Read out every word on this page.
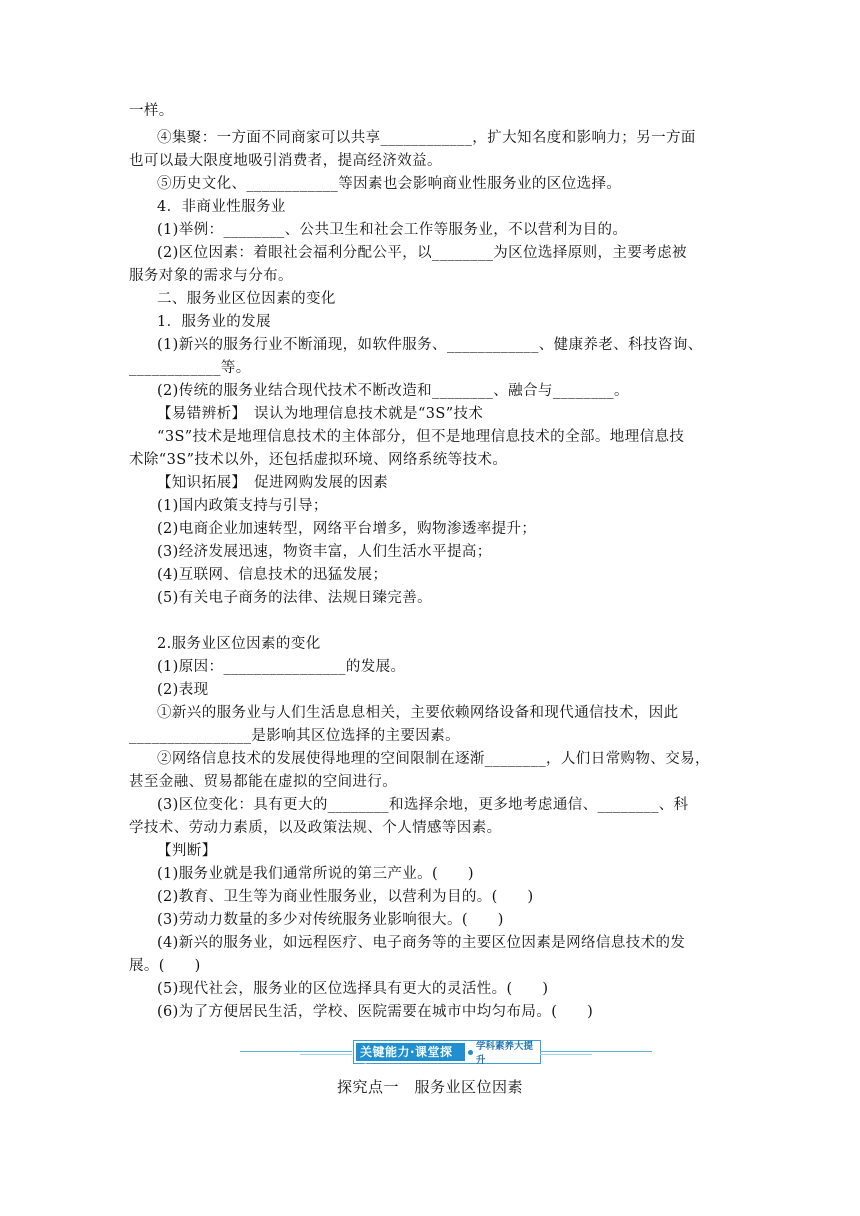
一样。
④集聚：一方面不同商家可以共享____________，扩大知名度和影响力；另一方面
也可以最大限度地吸引消费者，提高经济效益。
⑤历史文化、____________等因素也会影响商业性服务业的区位选择。
4．非商业性服务业
(1)举例：________、公共卫生和社会工作等服务业，不以营利为目的。
(2)区位因素：着眼社会福利分配公平，以________为区位选择原则，主要考虑被
服务对象的需求与分布。
二、服务业区位因素的变化
1．服务业的发展
(1)新兴的服务行业不断涌现，如软件服务、____________、健康养老、科技咨询、
____________等。
(2)传统的服务业结合现代技术不断改造和________、融合与________。
【易错辨析】　误认为地理信息技术就是“3S”技术
“3S”技术是地理信息技术的主体部分，但不是地理信息技术的全部。地理信息技
术除“3S”技术以外，还包括虚拟环境、网络系统等技术。
【知识拓展】　促进网购发展的因素
(1)国内政策支持与引导；
(2)电商企业加速转型，网络平台增多，购物渗透率提升；
(3)经济发展迅速，物资丰富，人们生活水平提高；
(4)互联网、信息技术的迅猛发展；
(5)有关电子商务的法律、法规日臻完善。
2.服务业区位因素的变化
(1)原因：________________的发展。
(2)表现
①新兴的服务业与人们生活息息相关，主要依赖网络设备和现代通信技术，因此
________________是影响其区位选择的主要因素。
②网络信息技术的发展使得地理的空间限制在逐渐________，人们日常购物、交易，
甚至金融、贸易都能在虚拟的空间进行。
(3)区位变化：具有更大的________和选择余地，更多地考虑通信、________、科
学技术、劳动力素质，以及政策法规、个人情感等因素。
【判断】
(1)服务业就是我们通常所说的第三产业。(　　)
(2)教育、卫生等为商业性服务业，以营利为目的。(　　)
(3)劳动力数量的多少对传统服务业影响很大。(　　)
(4)新兴的服务业，如远程医疗、电子商务等的主要区位因素是网络信息技术的发
展。(　　)
(5)现代社会，服务业的区位选择具有更大的灵活性。(　　)
(6)为了方便居民生活，学校、医院需要在城市中均匀布局。(　　)
关键能力·课堂探究
学科素养大提升
探究点一　服务业区位因素
